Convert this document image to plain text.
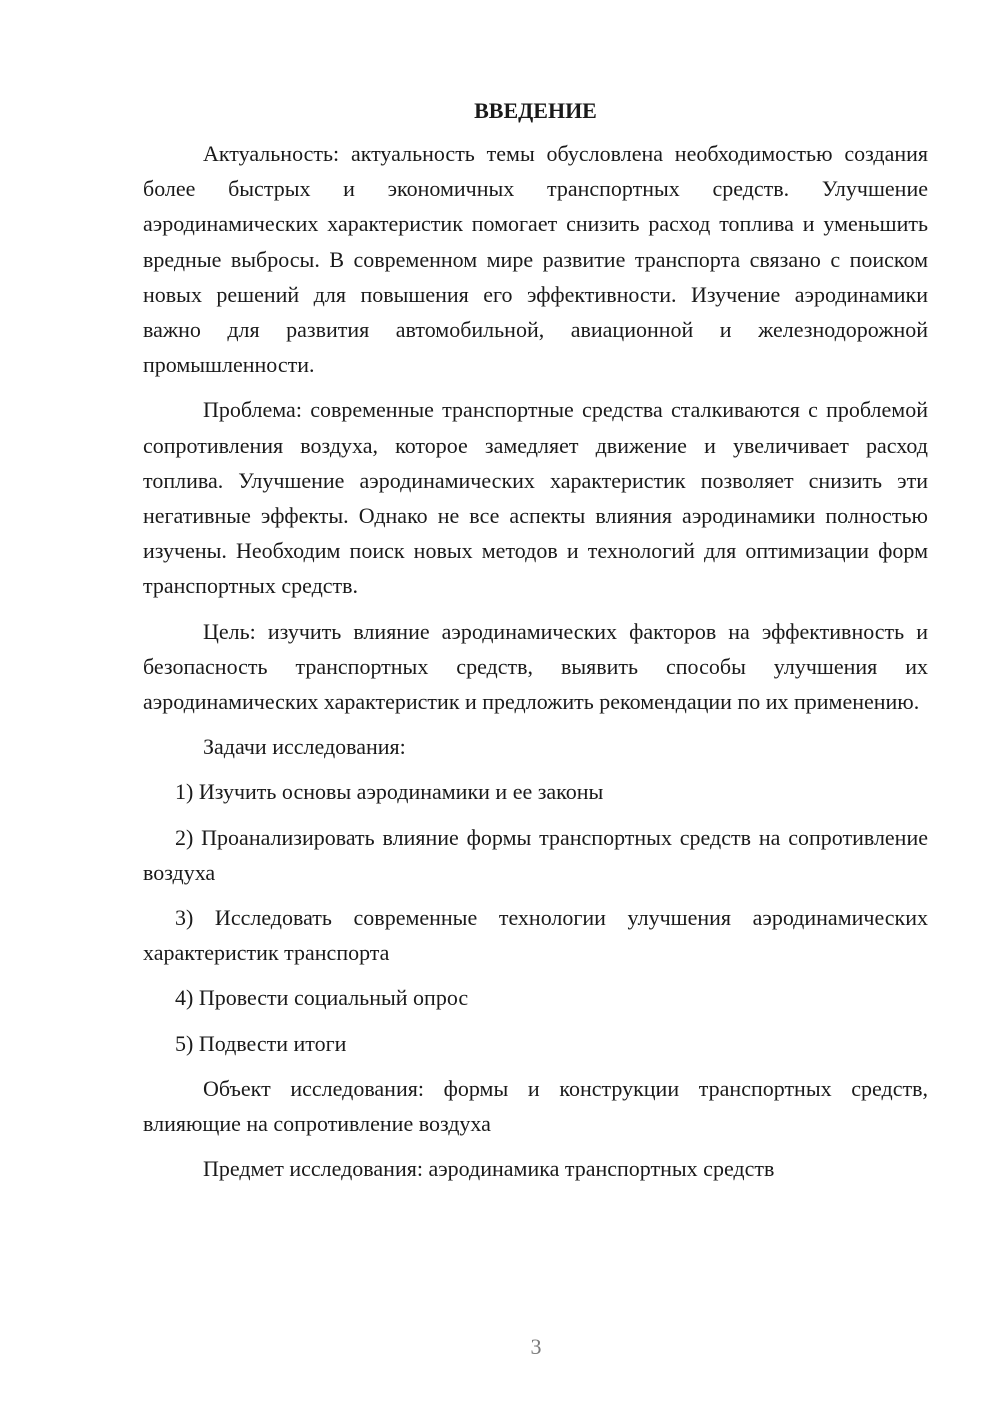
ВВЕДЕНИЕ

Актуальность: актуальность темы обусловлена необходимостью создания более быстрых и экономичных транспортных средств. Улучшение аэродинамических характеристик помогает снизить расход топлива и уменьшить вредные выбросы. В современном мире развитие транспорта связано с поиском новых решений для повышения его эффективности. Изучение аэродинамики важно для развития автомобильной, авиационной и железнодорожной промышленности.

Проблема: современные транспортные средства сталкиваются с проблемой сопротивления воздуха, которое замедляет движение и увеличивает расход топлива. Улучшение аэродинамических характеристик позволяет снизить эти негативные эффекты. Однако не все аспекты влияния аэродинамики полностью изучены. Необходим поиск новых методов и технологий для оптимизации форм транспортных средств.

Цель: изучить влияние аэродинамических факторов на эффективность и безопасность транспортных средств, выявить способы улучшения их аэродинамических характеристик и предложить рекомендации по их применению.

Задачи исследования:

1) Изучить основы аэродинамики и ее законы

2) Проанализировать влияние формы транспортных средств на сопротивление воздуха

3) Исследовать современные технологии улучшения аэродинамических характеристик транспорта

4) Провести социальный опрос

5) Подвести итоги

Объект исследования: формы и конструкции транспортных средств, влияющие на сопротивление воздуха

Предмет исследования: аэродинамика транспортных средств

3
